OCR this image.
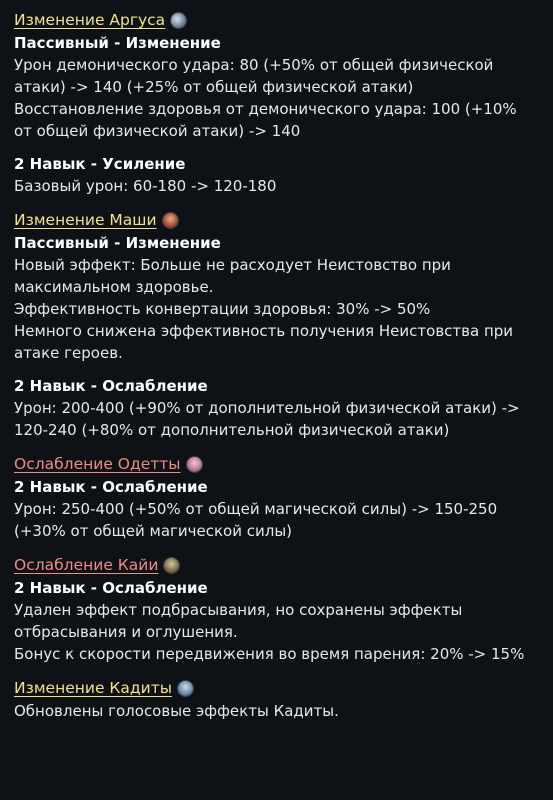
Изменение Аргуса
Пассивный - Изменение
Урон демонического удара: 80 (+50% от общей физической атаки) -> 140 (+25% от общей физической атаки)
Восстановление здоровья от демонического удара: 100 (+10% от общей физической атаки) -> 140
2 Навык - Усиление
Базовый урон: 60-180 -> 120-180
Изменение Маши
Пассивный - Изменение
Новый эффект: Больше не расходует Неистовство при максимальном здоровье.
Эффективность конвертации здоровья: 30% -> 50%
Немного снижена эффективность получения Неистовства при атаке героев.
2 Навык - Ослабление
Урон: 200-400 (+90% от дополнительной физической атаки) -> 120-240 (+80% от дополнительной физической атаки)
Ослабление Одетты
2 Навык - Ослабление
Урон: 250-400 (+50% от общей магической силы) -> 150-250 (+30% от общей магической силы)
Ослабление Кайи
2 Навык - Ослабление
Удален эффект подбрасывания, но сохранены эффекты отбрасывания и оглушения.
Бонус к скорости передвижения во время парения: 20% -> 15%
Изменение Кадиты
Обновлены голосовые эффекты Кадиты.
